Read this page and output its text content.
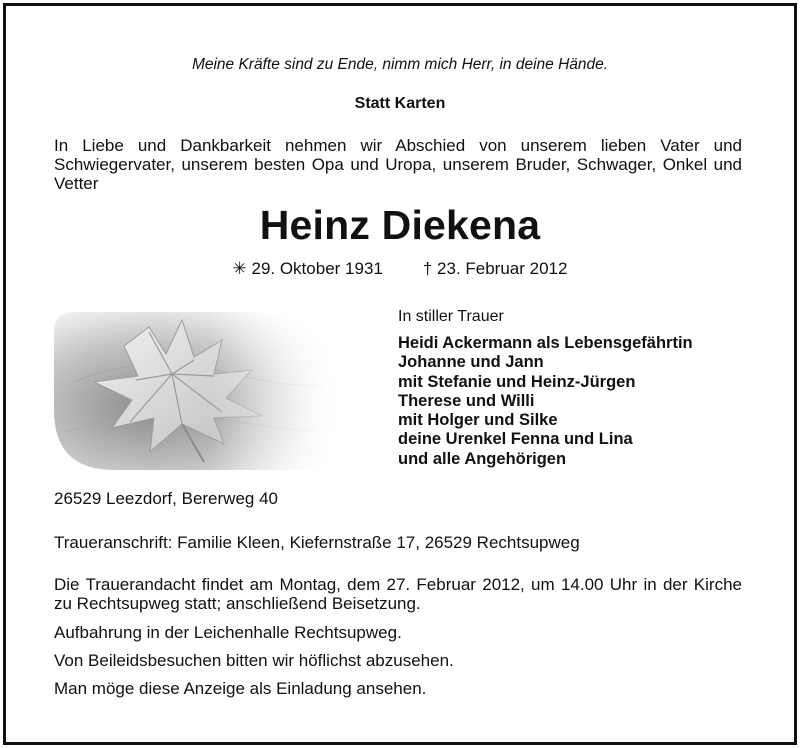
Meine Kräfte sind zu Ende, nimm mich Herr, in deine Hände.
Statt Karten
In Liebe und Dankbarkeit nehmen wir Abschied von unserem lieben Vater und Schwiegervater, unserem besten Opa und Uropa, unserem Bruder, Schwager, Onkel und Vetter
Heinz Diekena
✳ 29. Oktober 1931 † 23. Februar 2012
In stiller Trauer
Heidi Ackermann als Lebensgefährtin
Johanne und Jann
mit Stefanie und Heinz-Jürgen
Therese und Willi
mit Holger und Silke
deine Urenkel Fenna und Lina
und alle Angehörigen
26529 Leezdorf, Bererweg 40
Traueranschrift: Familie Kleen, Kiefernstraße 17, 26529 Rechtsupweg
Die Trauerandacht findet am Montag, dem 27. Februar 2012, um 14.00 Uhr in der Kirche zu Rechtsupweg statt; anschließend Beisetzung.
Aufbahrung in der Leichenhalle Rechtsupweg.
Von Beileidsbesuchen bitten wir höflichst abzusehen.
Man möge diese Anzeige als Einladung ansehen.
